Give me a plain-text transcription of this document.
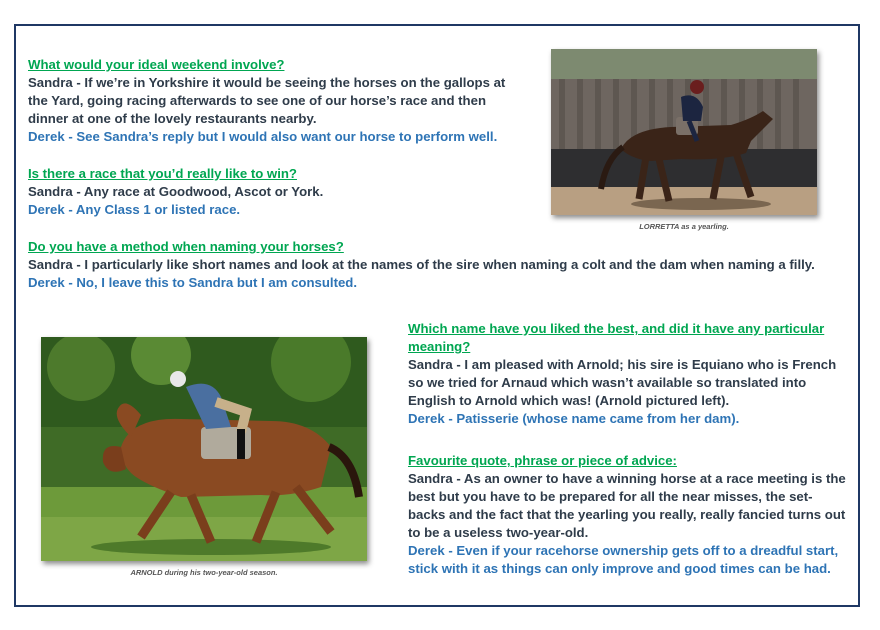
What would your ideal weekend involve?
Sandra - If we’re in Yorkshire it would be seeing the horses on the gallops at the Yard, going racing afterwards to see one of our horse’s race and then dinner at one of the lovely restaurants nearby.
Derek - See Sandra’s reply but I would also want our horse to perform well.
Is there a race that you’d really like to win?
Sandra - Any race at Goodwood, Ascot or York.
Derek - Any Class 1 or listed race.
Do you have a method when naming your horses?
Sandra - I particularly like short names and look at the names of the sire when naming a colt and the dam when naming a filly.
Derek - No, I leave this to Sandra but I am consulted.
Which name have you liked the best, and did it have any particular meaning?
Sandra - I am pleased with Arnold; his sire is Equiano who is French so we tried for Arnaud which wasn’t available so translated into English to Arnold which was! (Arnold pictured left).
Derek - Patisserie (whose name came from her dam).
Favourite quote, phrase or piece of advice:
Sandra - As an owner to have a winning horse at a race meeting is the best but you have to be prepared for all the near misses, the set-backs and the fact that the yearling you really, really fancied turns out to be a useless two-year-old.
Derek - Even if your racehorse ownership gets off to a dreadful start, stick with it as things can only improve and good times can be had.
LORRETTA as a yearling.
ARNOLD during his two-year-old season.
